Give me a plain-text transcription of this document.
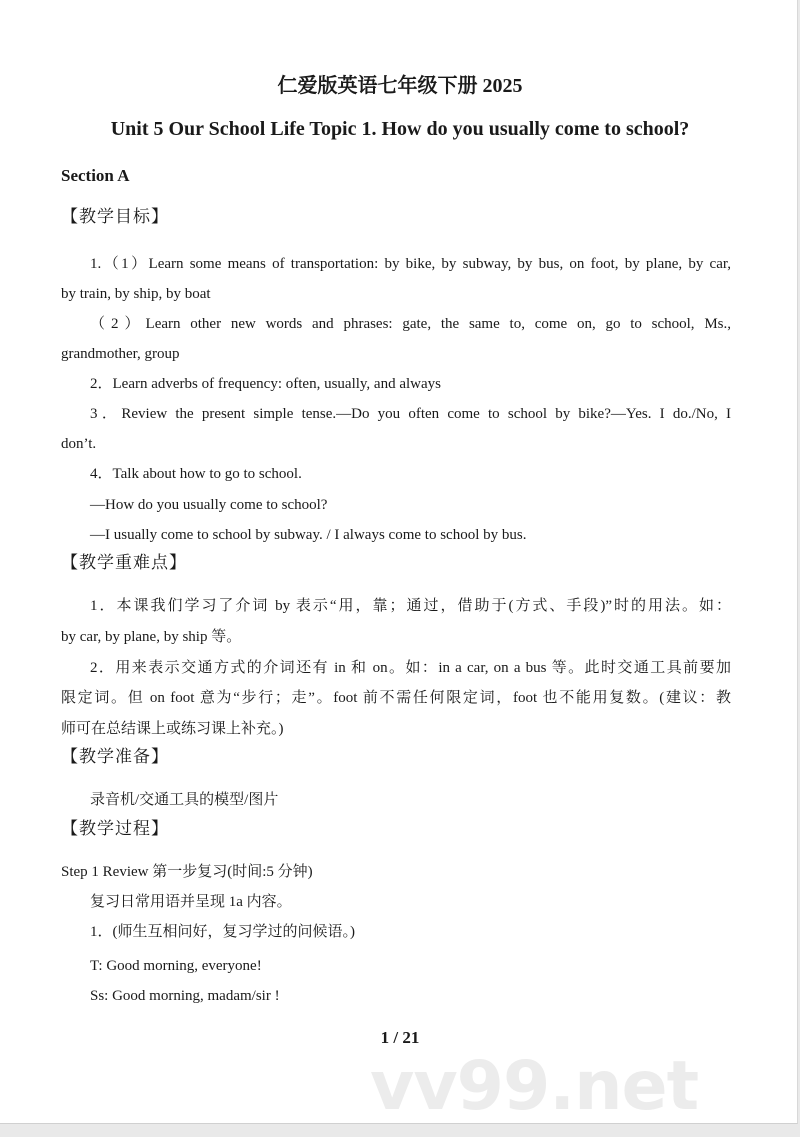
仁爱版英语七年级下册 2025
Unit 5 Our School Life Topic 1. How do you usually come to school?
Section A
【教学目标】
1.（1）Learn some means of transportation: by bike, by subway, by bus, on foot, by plane, by car,
by train, by ship, by boat
（2）Learn other new words and phrases: gate, the same to, come on, go to school, Ms.,
grandmother, group
2．Learn adverbs of frequency: often, usually, and always
3．Review the present simple tense.—Do you often come to school by bike?—Yes. I do./No, I
don’t.
4．Talk about how to go to school.
—How do you usually come to school?
—I usually come to school by subway. / I always come to school by bus.
【教学重难点】
1．本课我们学习了介词 by 表示“用，靠；通过，借助于(方式、手段)”时的用法。如：
by car, by plane, by ship 等。
2．用来表示交通方式的介词还有 in 和 on。如：in a car, on a bus 等。此时交通工具前要加
限定词。但 on foot 意为“步行；走”。foot 前不需任何限定词，foot 也不能用复数。(建议：教
师可在总结课上或练习课上补充。)
【教学准备】
录音机/交通工具的模型/图片
【教学过程】
Step 1 Review 第一步复习(时间:5 分钟)
复习日常用语并呈现 1a 内容。
1．(师生互相问好，复习学过的问候语。)
T: Good morning, everyone!
Ss: Good morning, madam/sir !
1 / 21
vv99.net
